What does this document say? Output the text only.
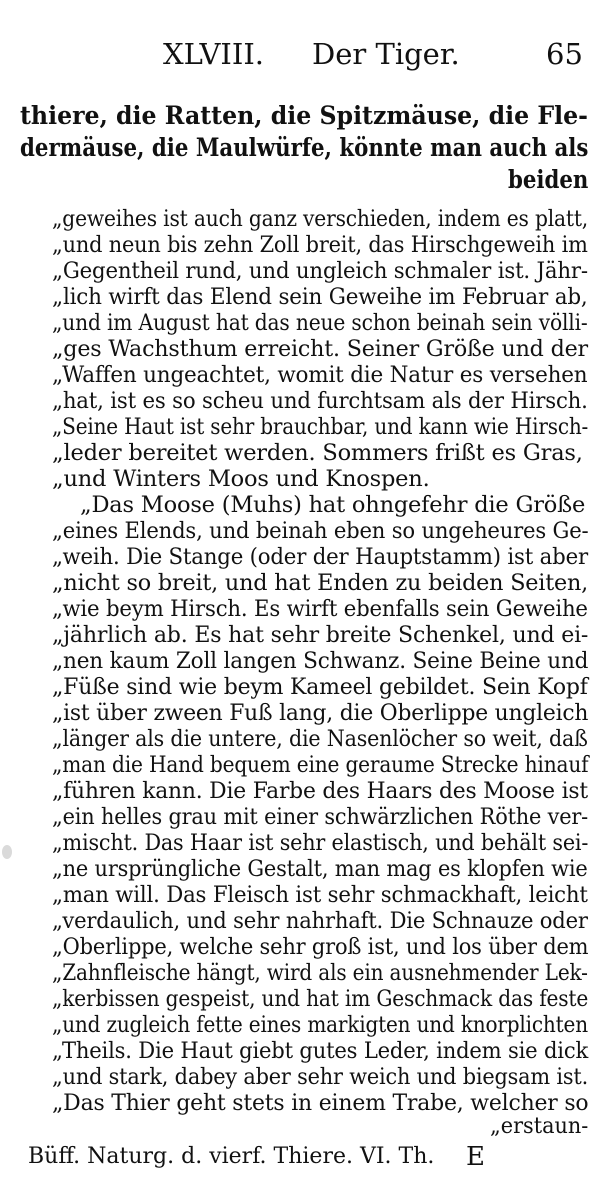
XLVIII. Der Tiger.	65
thiere, die Ratten, die Spitzmäuse, die Fle-
dermäuse, die Maulwürfe, könnte man auch als
beiden
„geweihes ist auch ganz verschieden, indem es platt,
„und neun bis zehn Zoll breit, das Hirschgeweih im
„Gegentheil rund, und ungleich schmaler ist. Jähr-
„lich wirft das Elend sein Geweihe im Februar ab,
„und im August hat das neue schon beinah sein völli-
„ges Wachsthum erreicht. Seiner Größe und der
„Waffen ungeachtet, womit die Natur es versehen
„hat, ist es so scheu und furchtsam als der Hirsch.
„Seine Haut ist sehr brauchbar, und kann wie Hirsch-
„leder bereitet werden. Sommers frißt es Gras,
„und Winters Moos und Knospen.
„Das Moose (Muhs) hat ohngefehr die Größe
„eines Elends, und beinah eben so ungeheures Ge-
„weih. Die Stange (oder der Hauptstamm) ist aber
„nicht so breit, und hat Enden zu beiden Seiten,
„wie beym Hirsch. Es wirft ebenfalls sein Geweihe
„jährlich ab. Es hat sehr breite Schenkel, und ei-
„nen kaum Zoll langen Schwanz. Seine Beine und
„Füße sind wie beym Kameel gebildet. Sein Kopf
„ist über zween Fuß lang, die Oberlippe ungleich
„länger als die untere, die Nasenlöcher so weit, daß
„man die Hand bequem eine geraume Strecke hinauf
„führen kann. Die Farbe des Haars des Moose ist
„ein helles grau mit einer schwärzlichen Röthe ver-
„mischt. Das Haar ist sehr elastisch, und behält sei-
„ne ursprüngliche Gestalt, man mag es klopfen wie
„man will. Das Fleisch ist sehr schmackhaft, leicht
„verdaulich, und sehr nahrhaft. Die Schnauze oder
„Oberlippe, welche sehr groß ist, und los über dem
„Zahnfleische hängt, wird als ein ausnehmender Lek-
„kerbissen gespeist, und hat im Geschmack das feste
„und zugleich fette eines markigten und knorplichten
„Theils. Die Haut giebt gutes Leder, indem sie dick
„und stark, dabey aber sehr weich und biegsam ist.
„Das Thier geht stets in einem Trabe, welcher so
„erstaun-
Büff. Naturg. d. vierf. Thiere. VI. Th. E
